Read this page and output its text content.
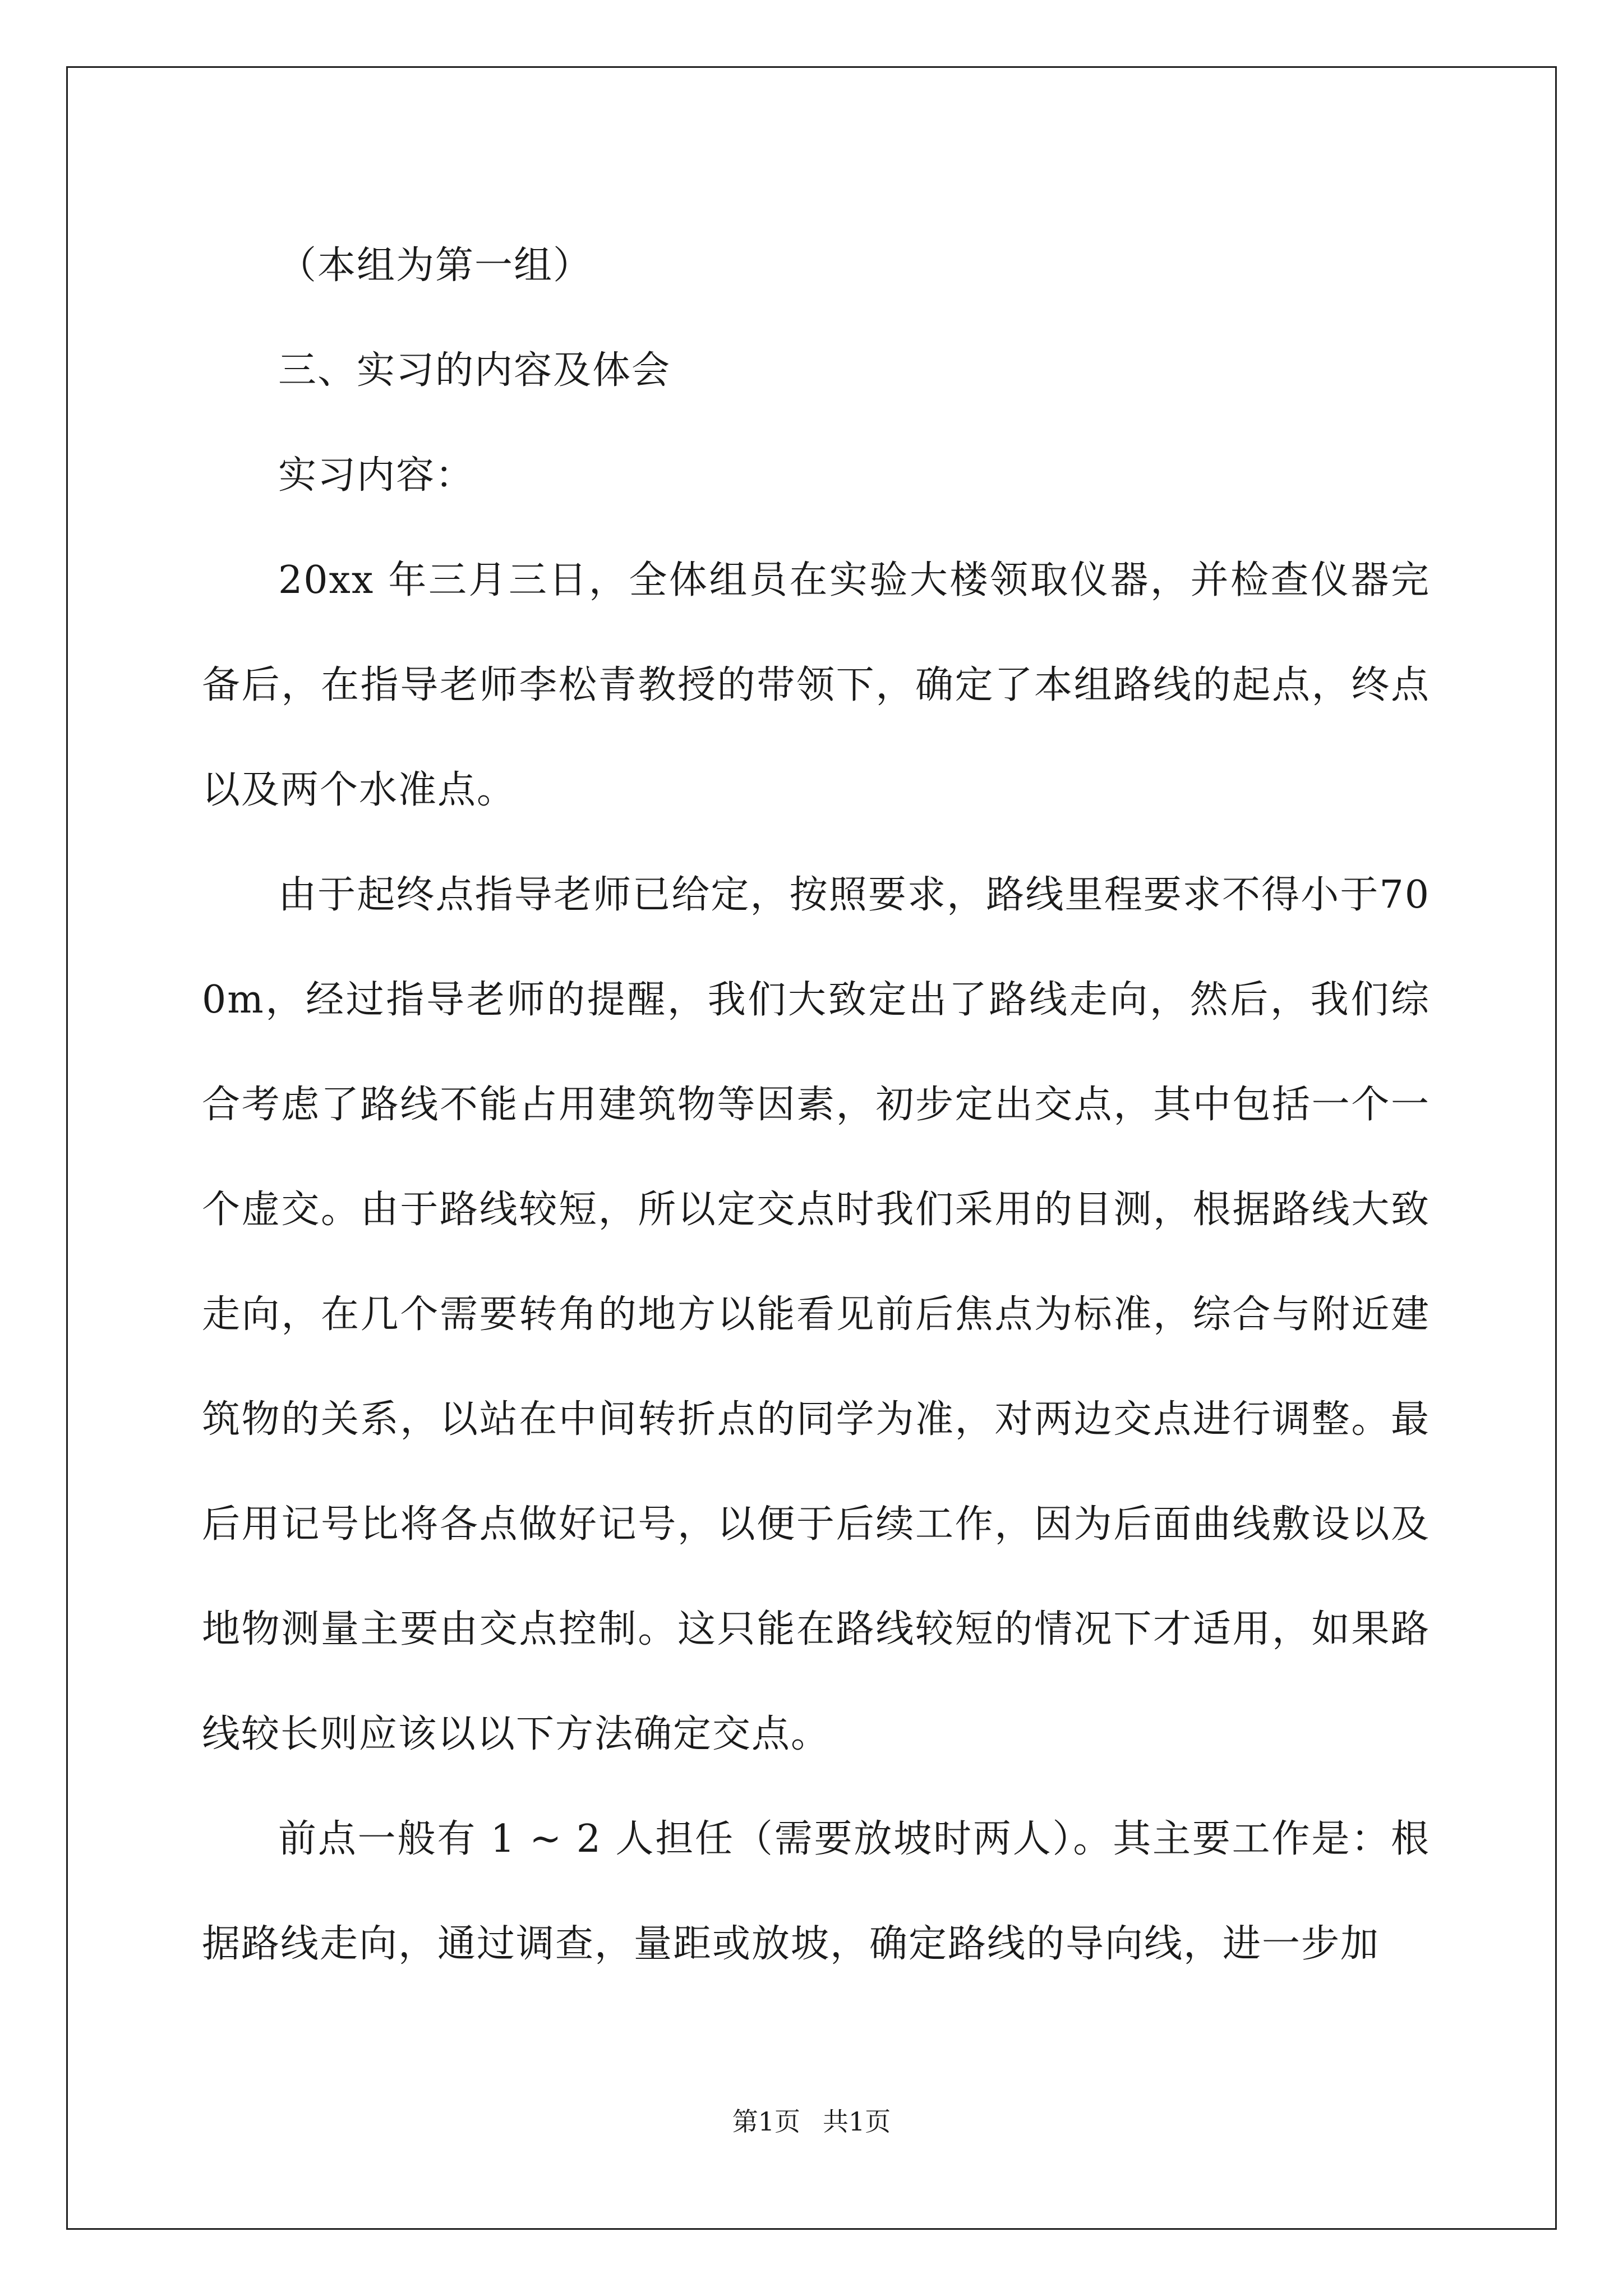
（本组为第一组）

三、实习的内容及体会

实习内容：

20xx 年三月三日，全体组员在实验大楼领取仪器，并检查仪器完备后，在指导老师李松青教授的带领下，确定了本组路线的起点，终点以及两个水准点。

由于起终点指导老师已给定，按照要求，路线里程要求不得小于700m，经过指导老师的提醒，我们大致定出了路线走向，然后，我们综合考虑了路线不能占用建筑物等因素，初步定出交点，其中包括一个一个虚交。由于路线较短，所以定交点时我们采用的目测，根据路线大致走向，在几个需要转角的地方以能看见前后焦点为标准，综合与附近建筑物的关系，以站在中间转折点的同学为准，对两边交点进行调整。最后用记号比将各点做好记号，以便于后续工作，因为后面曲线敷设以及地物测量主要由交点控制。这只能在路线较短的情况下才适用，如果路线较长则应该以以下方法确定交点。

前点一般有 1 ~ 2 人担任（需要放坡时两人）。其主要工作是：根据路线走向，通过调查，量距或放坡，确定路线的导向线，进一步加

第1页 共1页
